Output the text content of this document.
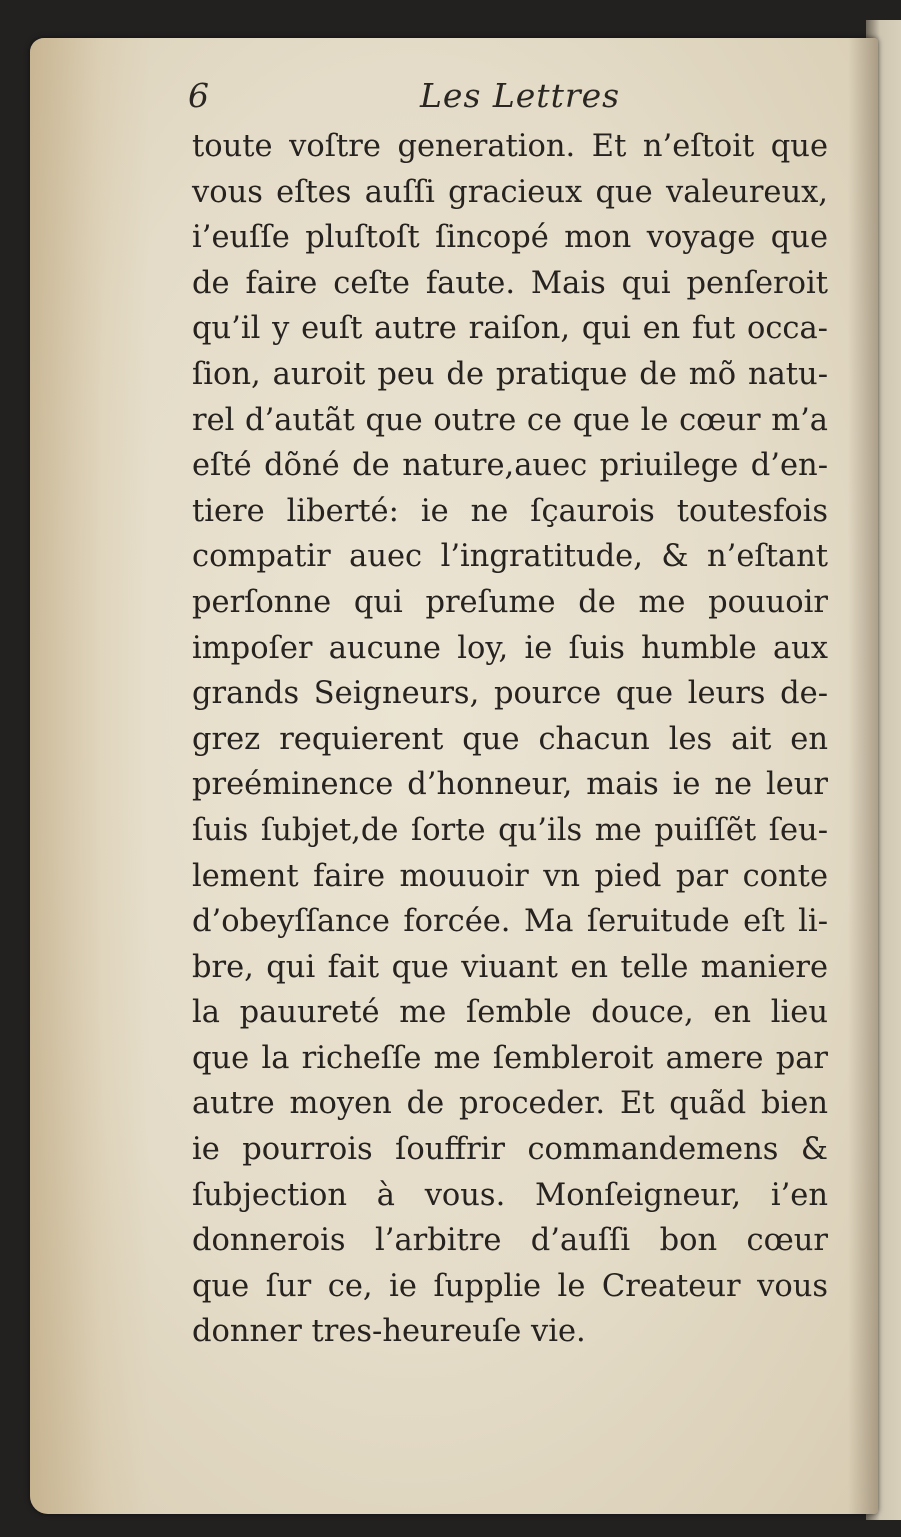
6	Les Lettres
toute voſtre generation. Et n’eſtoit que
vous eſtes auſſi gracieux que valeureux,
i’euſſe pluſtoſt ſincopé mon voyage que
de faire ceſte faute. Mais qui penſeroit
qu’il y euſt autre raiſon, qui en fut occa-
ſion, auroit peu de pratique de mõ natu-
rel d’autãt que outre ce que le cœur m’a
eſté dõné de nature,auec priuilege d’en-
tiere liberté: ie ne ſçaurois toutesfois
compatir auec l’ingratitude, & n’eſtant
perſonne qui preſume de me pouuoir
impoſer aucune loy, ie ſuis humble aux
grands Seigneurs, pource que leurs de-
grez requierent que chacun les ait en
preéminence d’honneur, mais ie ne leur
ſuis ſubjet,de ſorte qu’ils me puiſſẽt ſeu-
lement faire mouuoir vn pied par conte
d’obeyſſance forcée. Ma ſeruitude eſt li-
bre, qui fait que viuant en telle maniere
la pauureté me ſemble douce, en lieu
que la richeſſe me ſembleroit amere par
autre moyen de proceder. Et quãd bien
ie pourrois ſouffrir commandemens &
ſubjection à vous. Monſeigneur, i’en
donnerois l’arbitre d’auſſi bon cœur
que ſur ce, ie ſupplie le Createur vous
donner tres-heureuſe vie.
